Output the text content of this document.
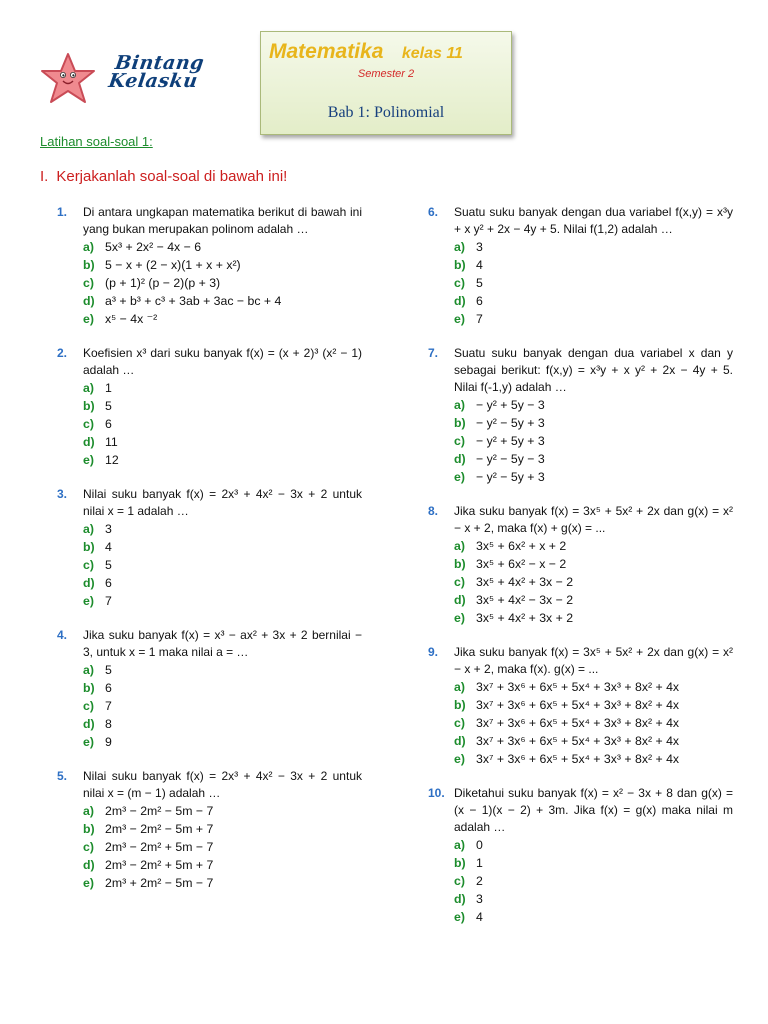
Bintang
Kelasku
Matematika kelas 11
Semester 2
Bab 1: Polinomial
Latihan soal-soal 1:
I. Kerjakanlah soal-soal di bawah ini!
1.	Di antara ungkapan matematika berikut di bawah ini yang bukan merupakan polinom adalah …
a) 5x³ + 2x² − 4x − 6
b) 5 − x + (2 − x)(1 + x + x²)
c) (p + 1)² (p − 2)(p + 3)
d) a³ + b³ + c³ + 3ab + 3ac − bc + 4
e) x⁵ − 4x ⁻²
2.	Koefisien x³ dari suku banyak f(x) = (x + 2)³ (x² − 1) adalah …
a) 1
b) 5
c) 6
d) 11
e) 12
3.	Nilai suku banyak f(x) = 2x³ + 4x² − 3x + 2 untuk nilai x = 1 adalah …
a) 3
b) 4
c) 5
d) 6
e) 7
4.	Jika suku banyak f(x) = x³ − ax² + 3x + 2 bernilai − 3, untuk x = 1 maka nilai a = …
a) 5
b) 6
c) 7
d) 8
e) 9
5.	Nilai suku banyak f(x) = 2x³ + 4x² − 3x + 2 untuk nilai x = (m − 1) adalah …
a) 2m³ − 2m² − 5m − 7
b) 2m³ − 2m² − 5m + 7
c) 2m³ − 2m² + 5m − 7
d) 2m³ − 2m² + 5m + 7
e) 2m³ + 2m² − 5m − 7
6.	Suatu suku banyak dengan dua variabel f(x,y) = x³y + x y² + 2x − 4y + 5. Nilai f(1,2) adalah …
a) 3
b) 4
c) 5
d) 6
e) 7
7.	Suatu suku banyak dengan dua variabel x dan y sebagai berikut: f(x,y) = x³y + x y² + 2x − 4y + 5. Nilai f(-1,y) adalah …
a) − y² + 5y − 3
b) − y² − 5y + 3
c) − y² + 5y + 3
d) − y² − 5y − 3
e) − y² − 5y + 3
8.	Jika suku banyak f(x) = 3x⁵ + 5x² + 2x dan g(x) = x² − x + 2, maka f(x) + g(x) = ...
a) 3x⁵ + 6x² + x + 2
b) 3x⁵ + 6x² − x − 2
c) 3x⁵ + 4x² + 3x − 2
d) 3x⁵ + 4x² − 3x − 2
e) 3x⁵ + 4x² + 3x + 2
9.	Jika suku banyak f(x) = 3x⁵ + 5x² + 2x dan g(x) = x² − x + 2, maka f(x). g(x) = ...
a) 3x⁷ + 3x⁶ + 6x⁵ + 5x⁴ + 3x³ + 8x² + 4x
b) 3x⁷ + 3x⁶ + 6x⁵ + 5x⁴ + 3x³ + 8x² + 4x
c) 3x⁷ + 3x⁶ + 6x⁵ + 5x⁴ + 3x³ + 8x² + 4x
d) 3x⁷ + 3x⁶ + 6x⁵ + 5x⁴ + 3x³ + 8x² + 4x
e) 3x⁷ + 3x⁶ + 6x⁵ + 5x⁴ + 3x³ + 8x² + 4x
10. Diketahui suku banyak f(x) = x² − 3x + 8 dan g(x) = (x − 1)(x − 2) + 3m. Jika f(x) = g(x) maka nilai m adalah …
a) 0
b) 1
c) 2
d) 3
e) 4
